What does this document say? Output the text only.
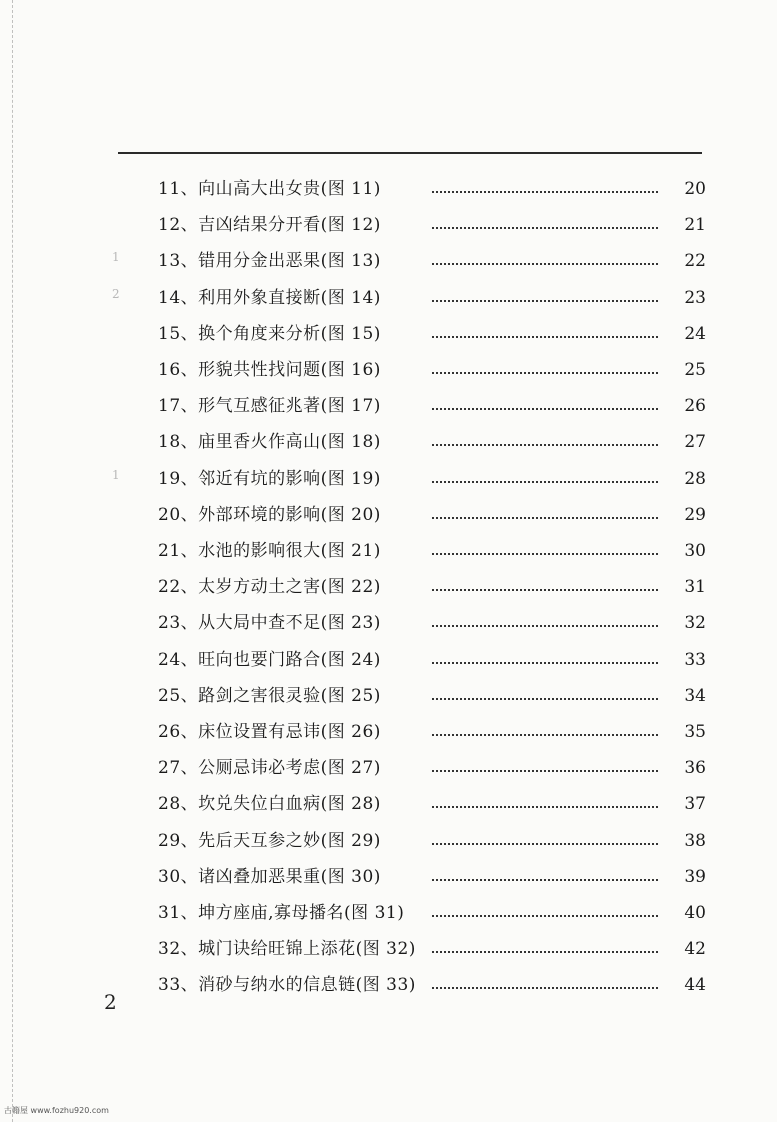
11、向山高大出女贵(图 11)	20
12、吉凶结果分开看(图 12)	21
1 13、错用分金出恶果(图 13)	22
2 14、利用外象直接断(图 14)	23
15、换个角度来分析(图 15)	24
16、形貌共性找问题(图 16)	25
17、形气互感征兆著(图 17)	26
18、庙里香火作高山(图 18)	27
1 19、邻近有坑的影响(图 19)	28
20、外部环境的影响(图 20)	29
21、水池的影响很大(图 21)	30
22、太岁方动土之害(图 22)	31
23、从大局中查不足(图 23)	32
24、旺向也要门路合(图 24)	33
25、路剑之害很灵验(图 25)	34
26、床位设置有忌讳(图 26)	35
27、公厕忌讳必考虑(图 27)	36
28、坎兑失位白血病(图 28)	37
29、先后天互参之妙(图 29)	38
30、诸凶叠加恶果重(图 30)	39
31、坤方座庙,寡母播名(图 31)	40
32、城门诀给旺锦上添花(图 32)	42
33、消砂与纳水的信息链(图 33)	44
2
古籍屋 www.fozhu920.com
